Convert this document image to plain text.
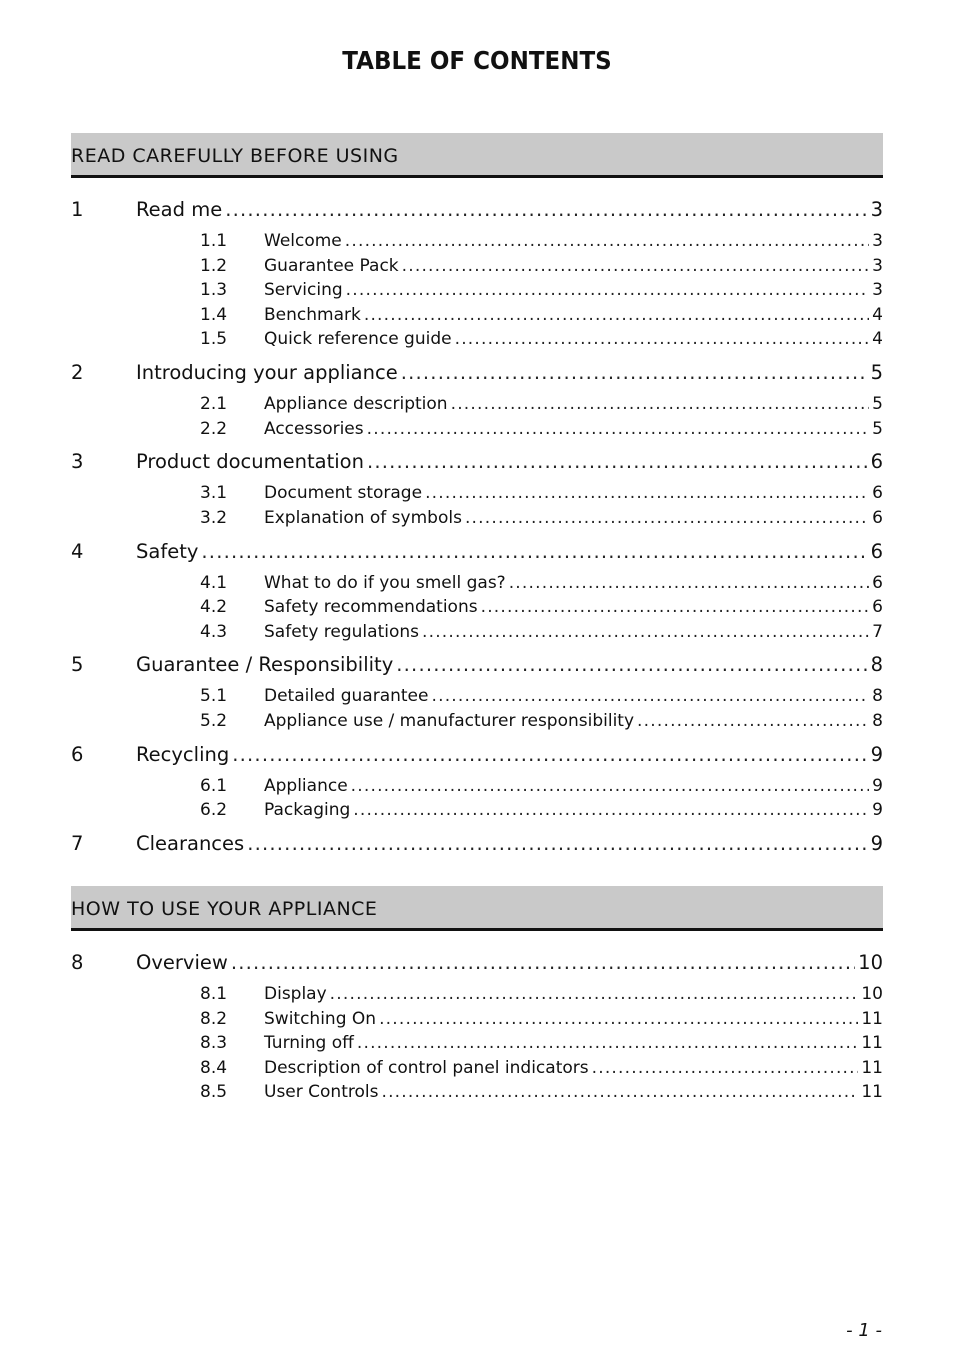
TABLE OF CONTENTS
READ CAREFULLY BEFORE USING
1	Read me .....	3
1.1	Welcome .....	3
1.2	Guarantee Pack .....	3
1.3	Servicing .....	3
1.4	Benchmark .....	4
1.5	Quick reference guide .....	4
2	Introducing your appliance .....	5
2.1	Appliance description .....	5
2.2	Accessories .....	5
3	Product documentation .....	6
3.1	Document storage .....	6
3.2	Explanation of symbols .....	6
4	Safety .....	6
4.1	What to do if you smell gas? .....	6
4.2	Safety recommendations .....	6
4.3	Safety regulations .....	7
5	Guarantee / Responsibility .....	8
5.1	Detailed guarantee .....	8
5.2	Appliance use / manufacturer responsibility .....	8
6	Recycling .....	9
6.1	Appliance .....	9
6.2	Packaging .....	9
7	Clearances .....	9
HOW TO USE YOUR APPLIANCE
8	Overview .....	10
8.1	Display .....	10
8.2	Switching On .....	11
8.3	Turning off .....	11
8.4	Description of control panel indicators .....	11
8.5	User Controls .....	11
- 1 -
